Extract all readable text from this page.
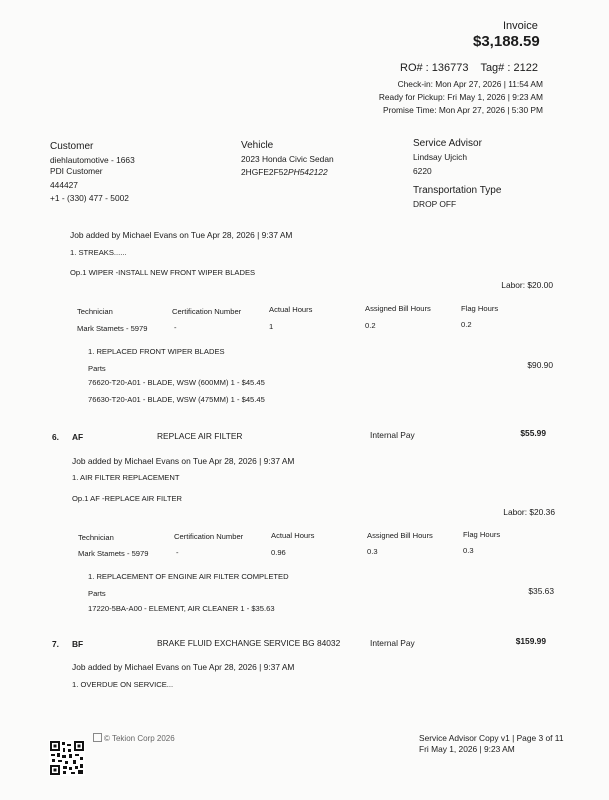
Invoice
$3,188.59
RO# : 136773 Tag# : 2122
Check-in: Mon Apr 27, 2026 | 11:54 AM
Ready for Pickup: Fri May 1, 2026 | 9:23 AM
Promise Time: Mon Apr 27, 2026 | 5:30 PM
Customer
diehlautomotive - 1663
PDI Customer
444427
+1 - (330) 477 - 5002
Vehicle
2023 Honda Civic Sedan
2HGFE2F52PH542122
Service Advisor
Lindsay Ujcich
6220
Transportation Type
DROP OFF
Job added by Michael Evans on Tue Apr 28, 2026 | 9:37 AM
1. STREAKS......
Op.1 WIPER -INSTALL NEW FRONT WIPER BLADES
Labor: $20.00
Technician	Certification Number	Actual Hours	Assigned Bill Hours	Flag Hours
Mark Stamets - 5979	-	1	0.2	0.2
1. REPLACED FRONT WIPER BLADES
$90.90
Parts
76620-T20-A01 - BLADE, WSW (600MM) 1 - $45.45
76630-T20-A01 - BLADE, WSW (475MM) 1 - $45.45
6. AF	REPLACE AIR FILTER	Internal Pay	$55.99
Job added by Michael Evans on Tue Apr 28, 2026 | 9:37 AM
1. AIR FILTER REPLACEMENT
Op.1 AF -REPLACE AIR FILTER
Labor: $20.36
Technician	Certification Number	Actual Hours	Assigned Bill Hours	Flag Hours
Mark Stamets - 5979	-	0.96	0.3	0.3
1. REPLACEMENT OF ENGINE AIR FILTER COMPLETED
$35.63
Parts
17220-5BA-A00 - ELEMENT, AIR CLEANER 1 - $35.63
7. BF	BRAKE FLUID EXCHANGE SERVICE BG 84032	Internal Pay	$159.99
Job added by Michael Evans on Tue Apr 28, 2026 | 9:37 AM
1. OVERDUE ON SERVICE...
© Tekion Corp 2026	Service Advisor Copy v1 | Page 3 of 11
Fri May 1, 2026 | 9:23 AM
